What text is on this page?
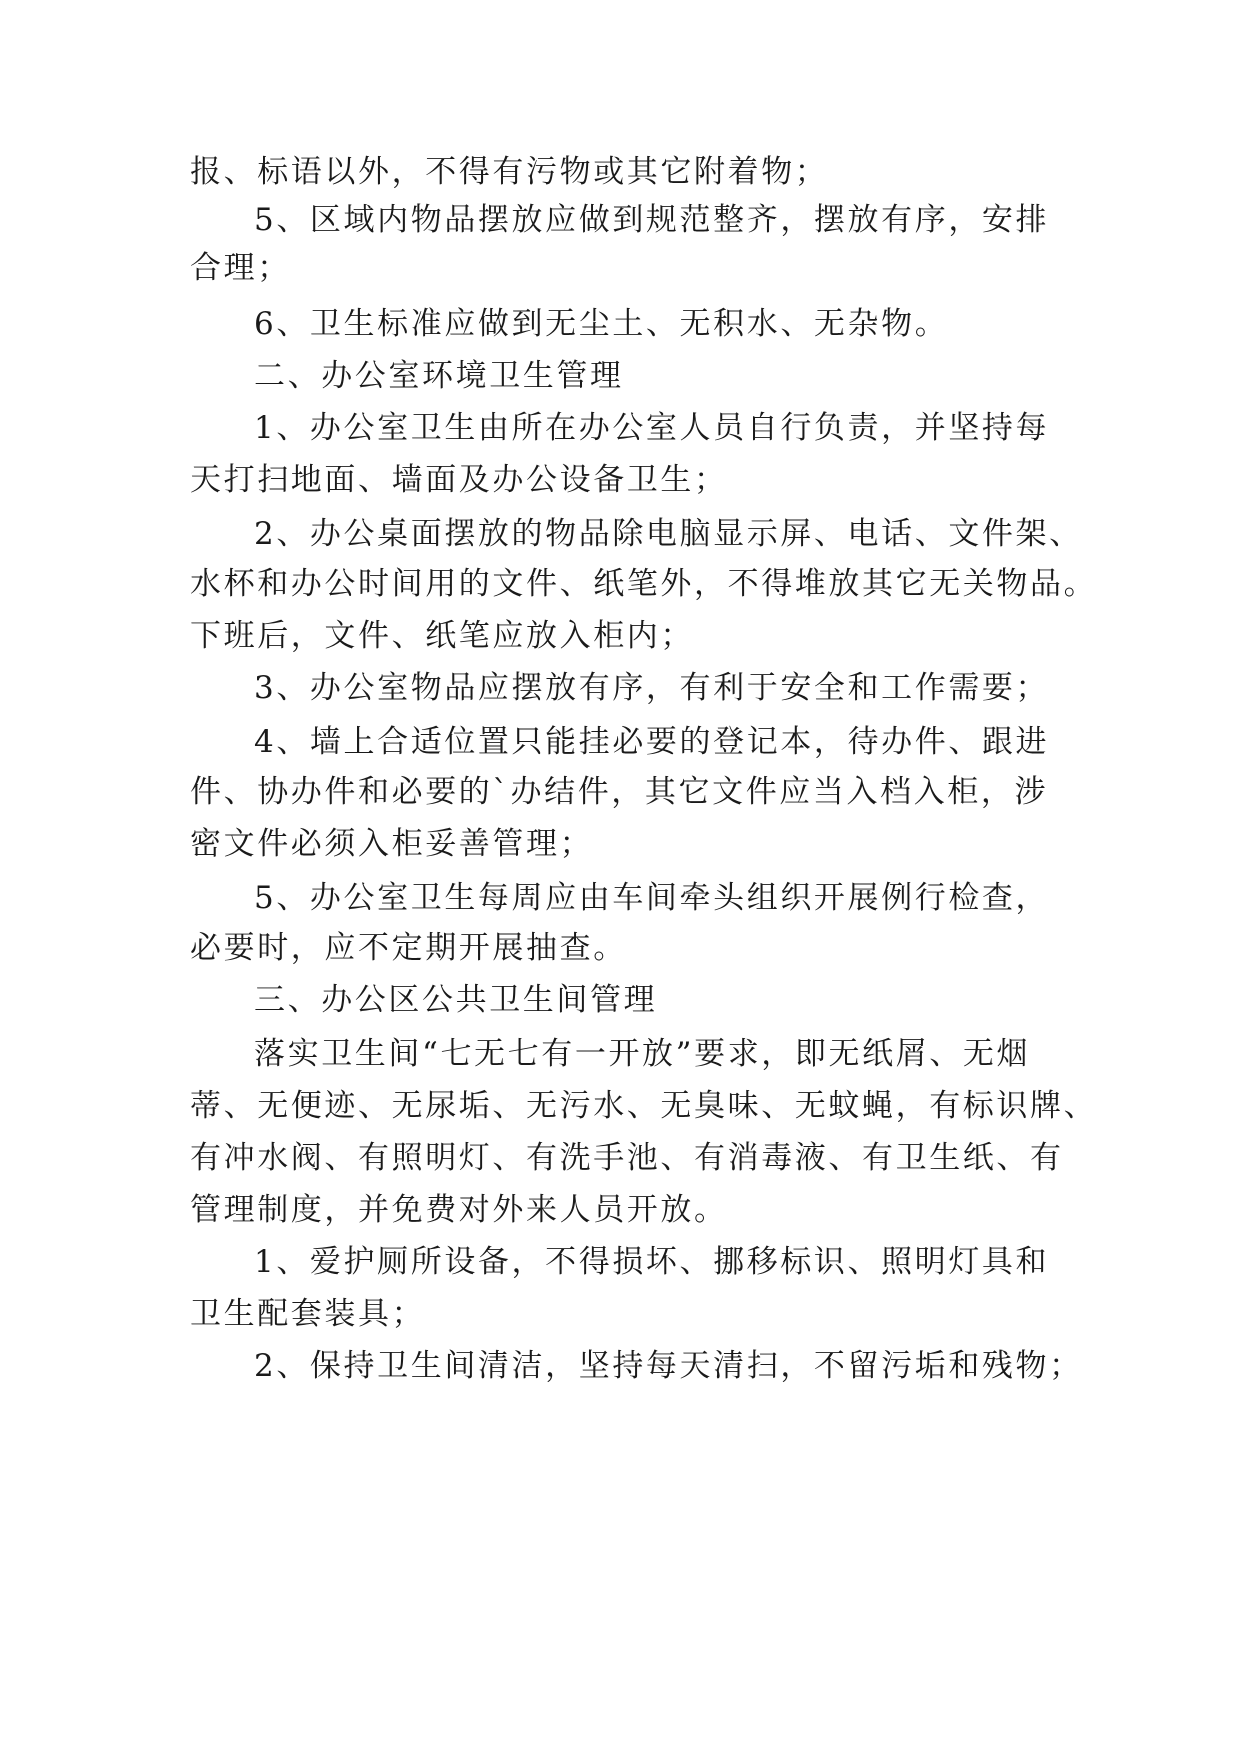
报、标语以外，不得有污物或其它附着物；
5、区域内物品摆放应做到规范整齐，摆放有序，安排
合理；
6、卫生标准应做到无尘土、无积水、无杂物。
二、办公室环境卫生管理
1、办公室卫生由所在办公室人员自行负责，并坚持每
天打扫地面、墙面及办公设备卫生；
2、办公桌面摆放的物品除电脑显示屏、电话、文件架、
水杯和办公时间用的文件、纸笔外，不得堆放其它无关物品。
下班后，文件、纸笔应放入柜内；
3、办公室物品应摆放有序，有利于安全和工作需要；
4、墙上合适位置只能挂必要的登记本，待办件、跟进
件、协办件和必要的`办结件，其它文件应当入档入柜，涉
密文件必须入柜妥善管理；
5、办公室卫生每周应由车间牵头组织开展例行检查，
必要时，应不定期开展抽查。
三、办公区公共卫生间管理
落实卫生间“七无七有一开放”要求，即无纸屑、无烟
蒂、无便迹、无尿垢、无污水、无臭味、无蚊蝇，有标识牌、
有冲水阀、有照明灯、有洗手池、有消毒液、有卫生纸、有
管理制度，并免费对外来人员开放。
1、爱护厕所设备，不得损坏、挪移标识、照明灯具和
卫生配套装具；
2、保持卫生间清洁，坚持每天清扫，不留污垢和残物；
